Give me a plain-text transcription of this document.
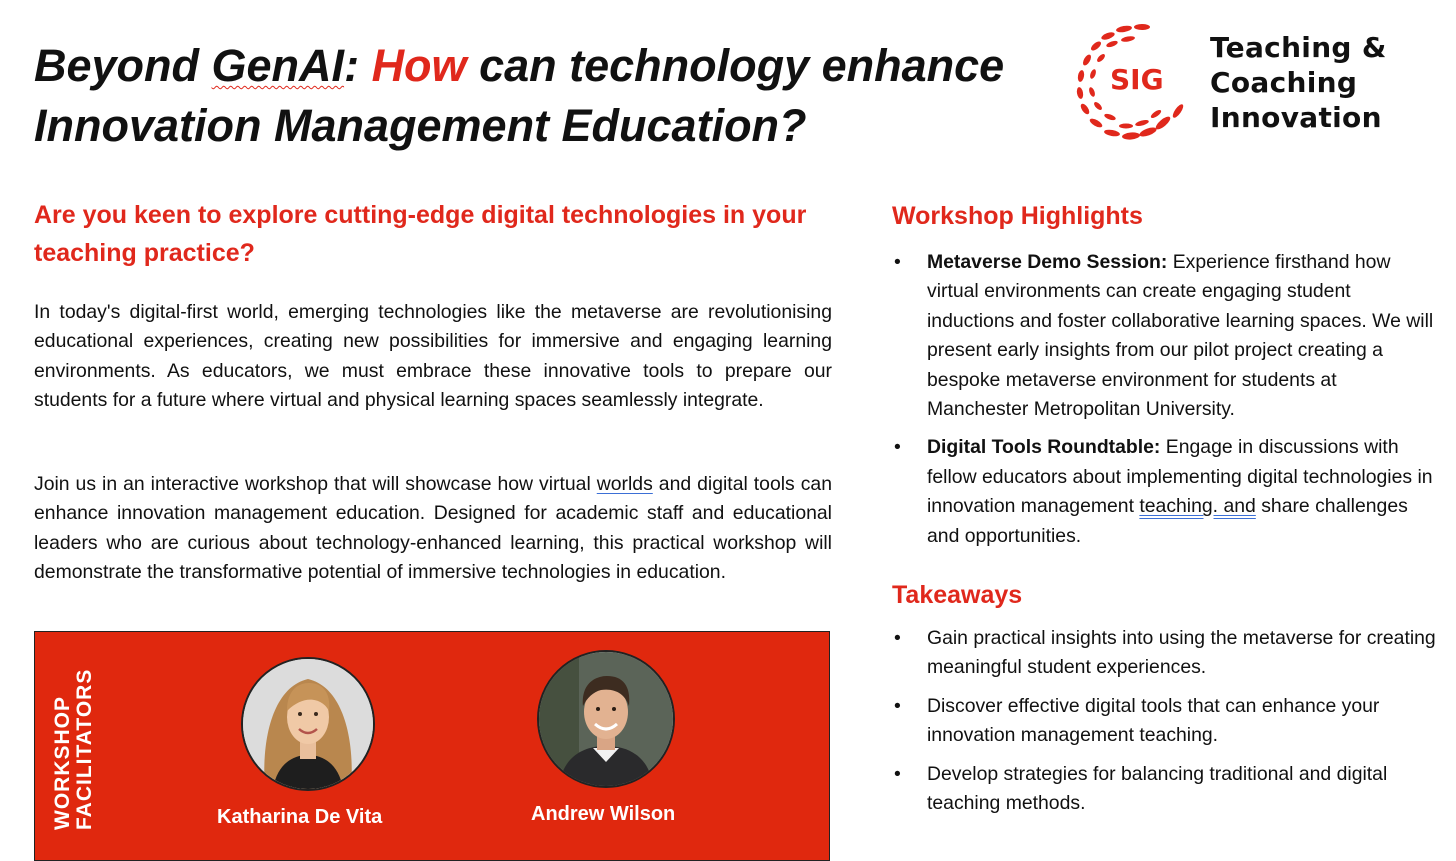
Beyond GenAI: How can technology enhance Innovation Management Education?
SIG
Teaching &
Coaching
Innovation

Are you keen to explore cutting-edge digital technologies in your teaching practice?

In today's digital-first world, emerging technologies like the metaverse are revolutionising educational experiences, creating new possibilities for immersive and engaging learning environments. As educators, we must embrace these innovative tools to prepare our students for a future where virtual and physical learning spaces seamlessly integrate.

Join us in an interactive workshop that will showcase how virtual worlds and digital tools can enhance innovation management education. Designed for academic staff and educational leaders who are curious about technology-enhanced learning, this practical workshop will demonstrate the transformative potential of immersive technologies in education.

WORKSHOP FACILITATORS	Katharina De Vita	Andrew Wilson
Workshop Highlights
• Metaverse Demo Session: Experience firsthand how virtual environments can create engaging student inductions and foster collaborative learning spaces. We will present early insights from our pilot project creating a bespoke metaverse environment for students at Manchester Metropolitan University.
• Digital Tools Roundtable: Engage in discussions with fellow educators about implementing digital technologies in innovation management teaching. and share challenges and opportunities.
Takeaways
• Gain practical insights into using the metaverse for creating meaningful student experiences.
• Discover effective digital tools that can enhance your innovation management teaching.
• Develop strategies for balancing traditional and digital teaching methods.
